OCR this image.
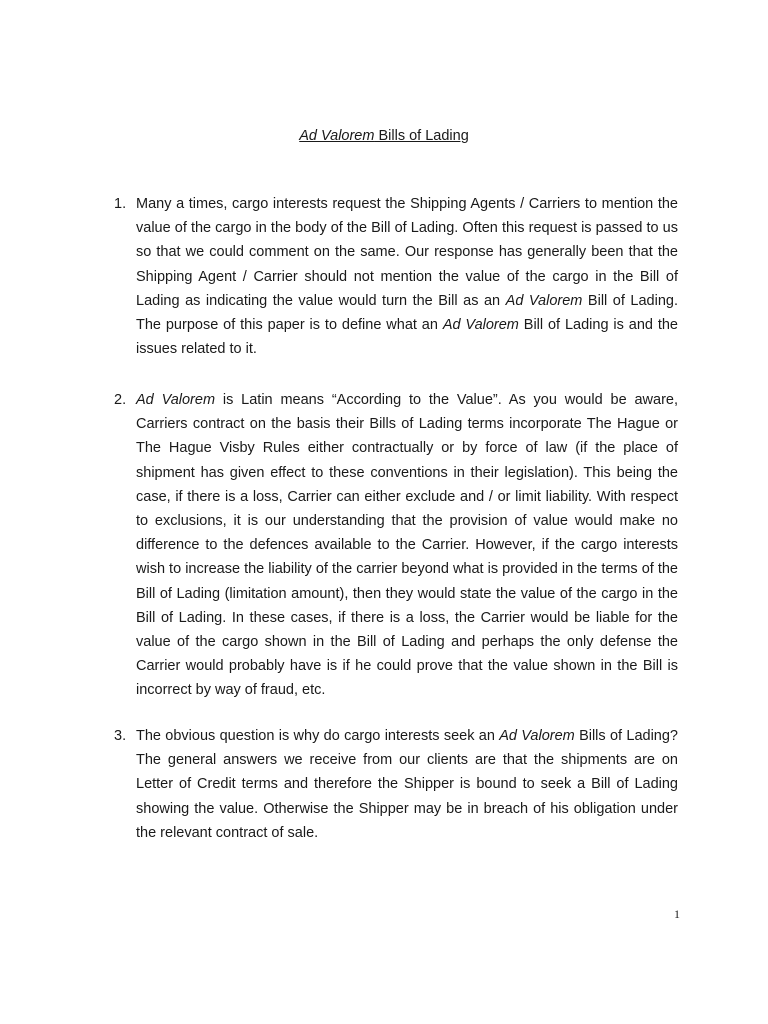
Ad Valorem Bills of Lading
1. Many a times, cargo interests request the Shipping Agents / Carriers to mention the value of the cargo in the body of the Bill of Lading. Often this request is passed to us so that we could comment on the same. Our response has generally been that the Shipping Agent / Carrier should not mention the value of the cargo in the Bill of Lading as indicating the value would turn the Bill as an Ad Valorem Bill of Lading. The purpose of this paper is to define what an Ad Valorem Bill of Lading is and the issues related to it.
2. Ad Valorem is Latin means “According to the Value”. As you would be aware, Carriers contract on the basis their Bills of Lading terms incorporate The Hague or The Hague Visby Rules either contractually or by force of law (if the place of shipment has given effect to these conventions in their legislation). This being the case, if there is a loss, Carrier can either exclude and / or limit liability. With respect to exclusions, it is our understanding that the provision of value would make no difference to the defences available to the Carrier. However, if the cargo interests wish to increase the liability of the carrier beyond what is provided in the terms of the Bill of Lading (limitation amount), then they would state the value of the cargo in the Bill of Lading. In these cases, if there is a loss, the Carrier would be liable for the value of the cargo shown in the Bill of Lading and perhaps the only defense the Carrier would probably have is if he could prove that the value shown in the Bill is incorrect by way of fraud, etc.
3. The obvious question is why do cargo interests seek an Ad Valorem Bills of Lading? The general answers we receive from our clients are that the shipments are on Letter of Credit terms and therefore the Shipper is bound to seek a Bill of Lading showing the value. Otherwise the Shipper may be in breach of his obligation under the relevant contract of sale.
1
